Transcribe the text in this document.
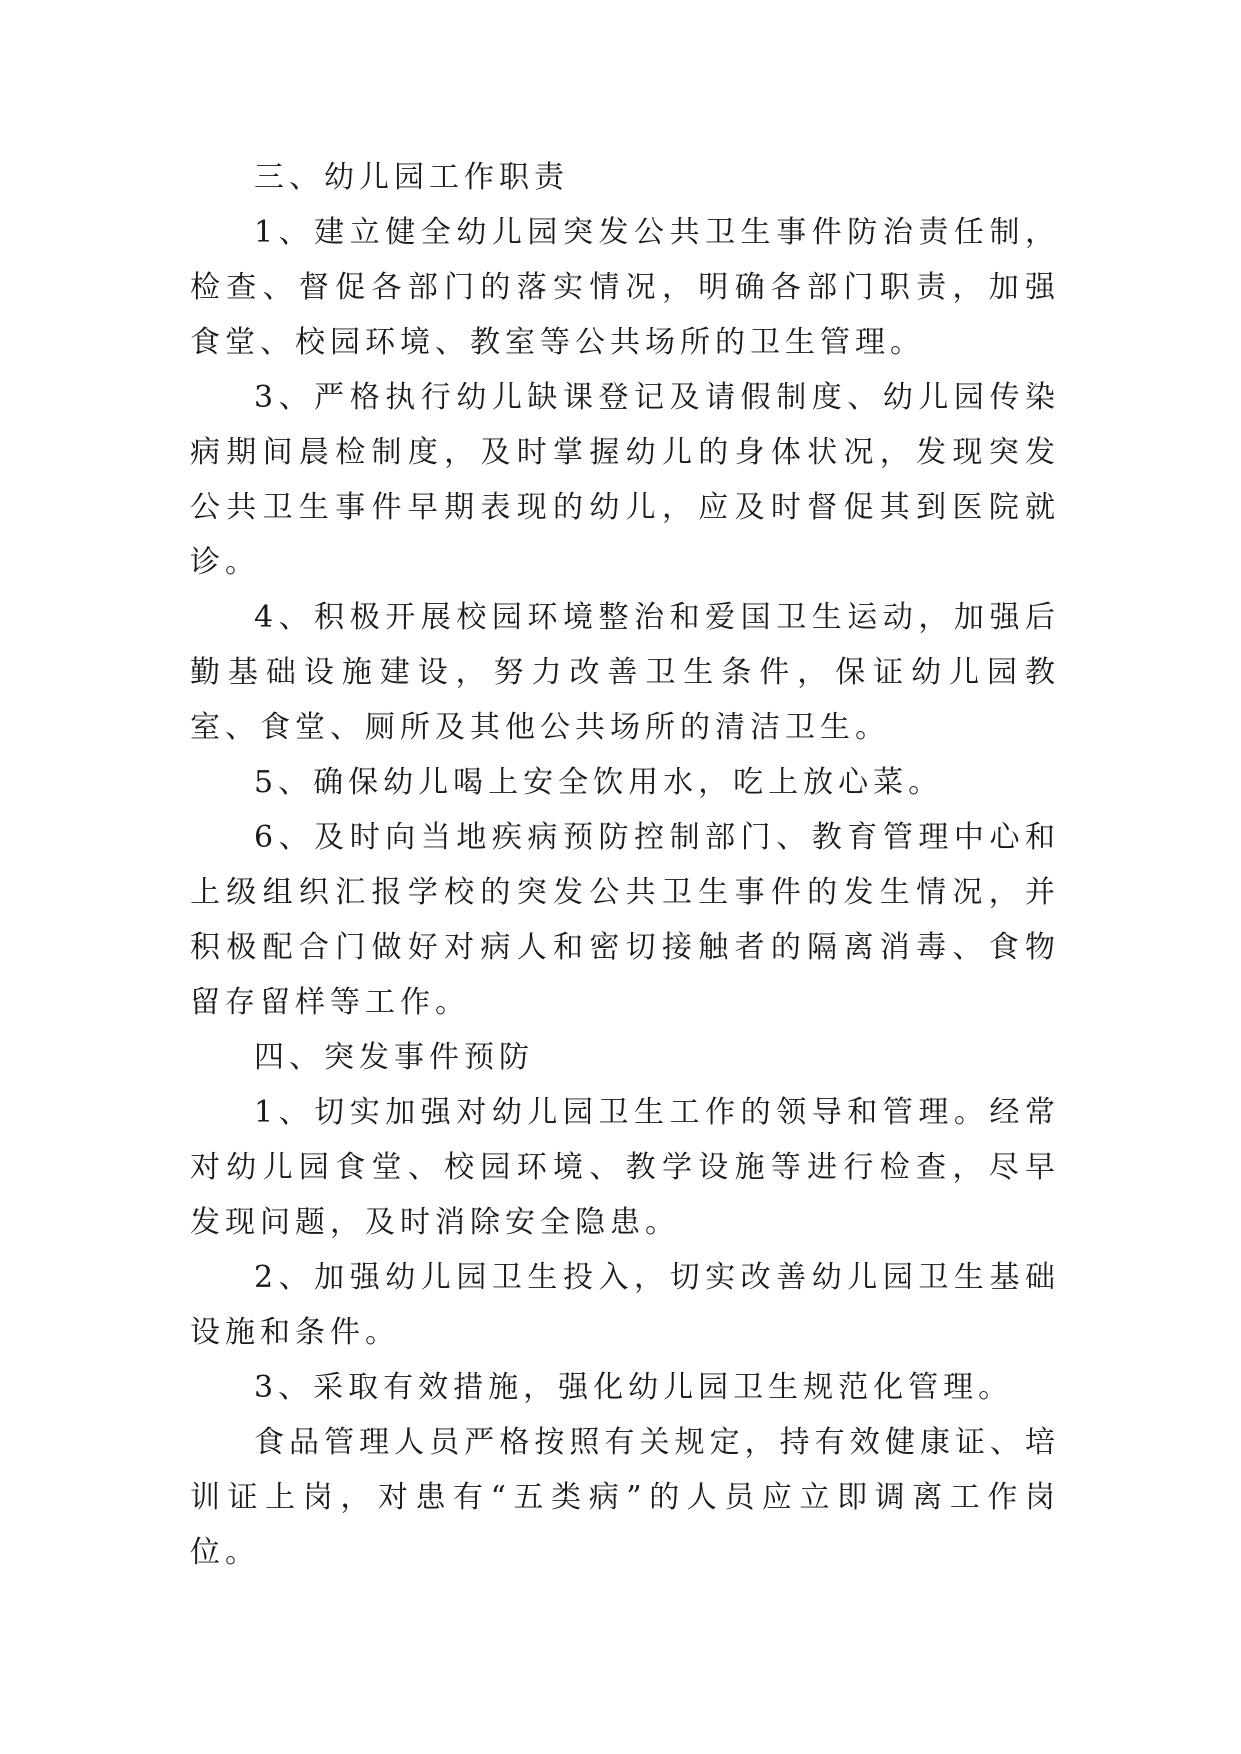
三、幼儿园工作职责

1、建立健全幼儿园突发公共卫生事件防治责任制，检查、督促各部门的落实情况，明确各部门职责，加强食堂、校园环境、教室等公共场所的卫生管理。

3、严格执行幼儿缺课登记及请假制度、幼儿园传染病期间晨检制度，及时掌握幼儿的身体状况，发现突发公共卫生事件早期表现的幼儿，应及时督促其到医院就诊。

4、积极开展校园环境整治和爱国卫生运动，加强后勤基础设施建设，努力改善卫生条件，保证幼儿园教室、食堂、厕所及其他公共场所的清洁卫生。

5、确保幼儿喝上安全饮用水，吃上放心菜。

6、及时向当地疾病预防控制部门、教育管理中心和上级组织汇报学校的突发公共卫生事件的发生情况，并积极配合门做好对病人和密切接触者的隔离消毒、食物留存留样等工作。

四、突发事件预防

1、切实加强对幼儿园卫生工作的领导和管理。经常对幼儿园食堂、校园环境、教学设施等进行检查，尽早发现问题，及时消除安全隐患。

2、加强幼儿园卫生投入，切实改善幼儿园卫生基础设施和条件。

3、采取有效措施，强化幼儿园卫生规范化管理。

食品管理人员严格按照有关规定，持有效健康证、培训证上岗，对患有“五类病”的人员应立即调离工作岗位。
